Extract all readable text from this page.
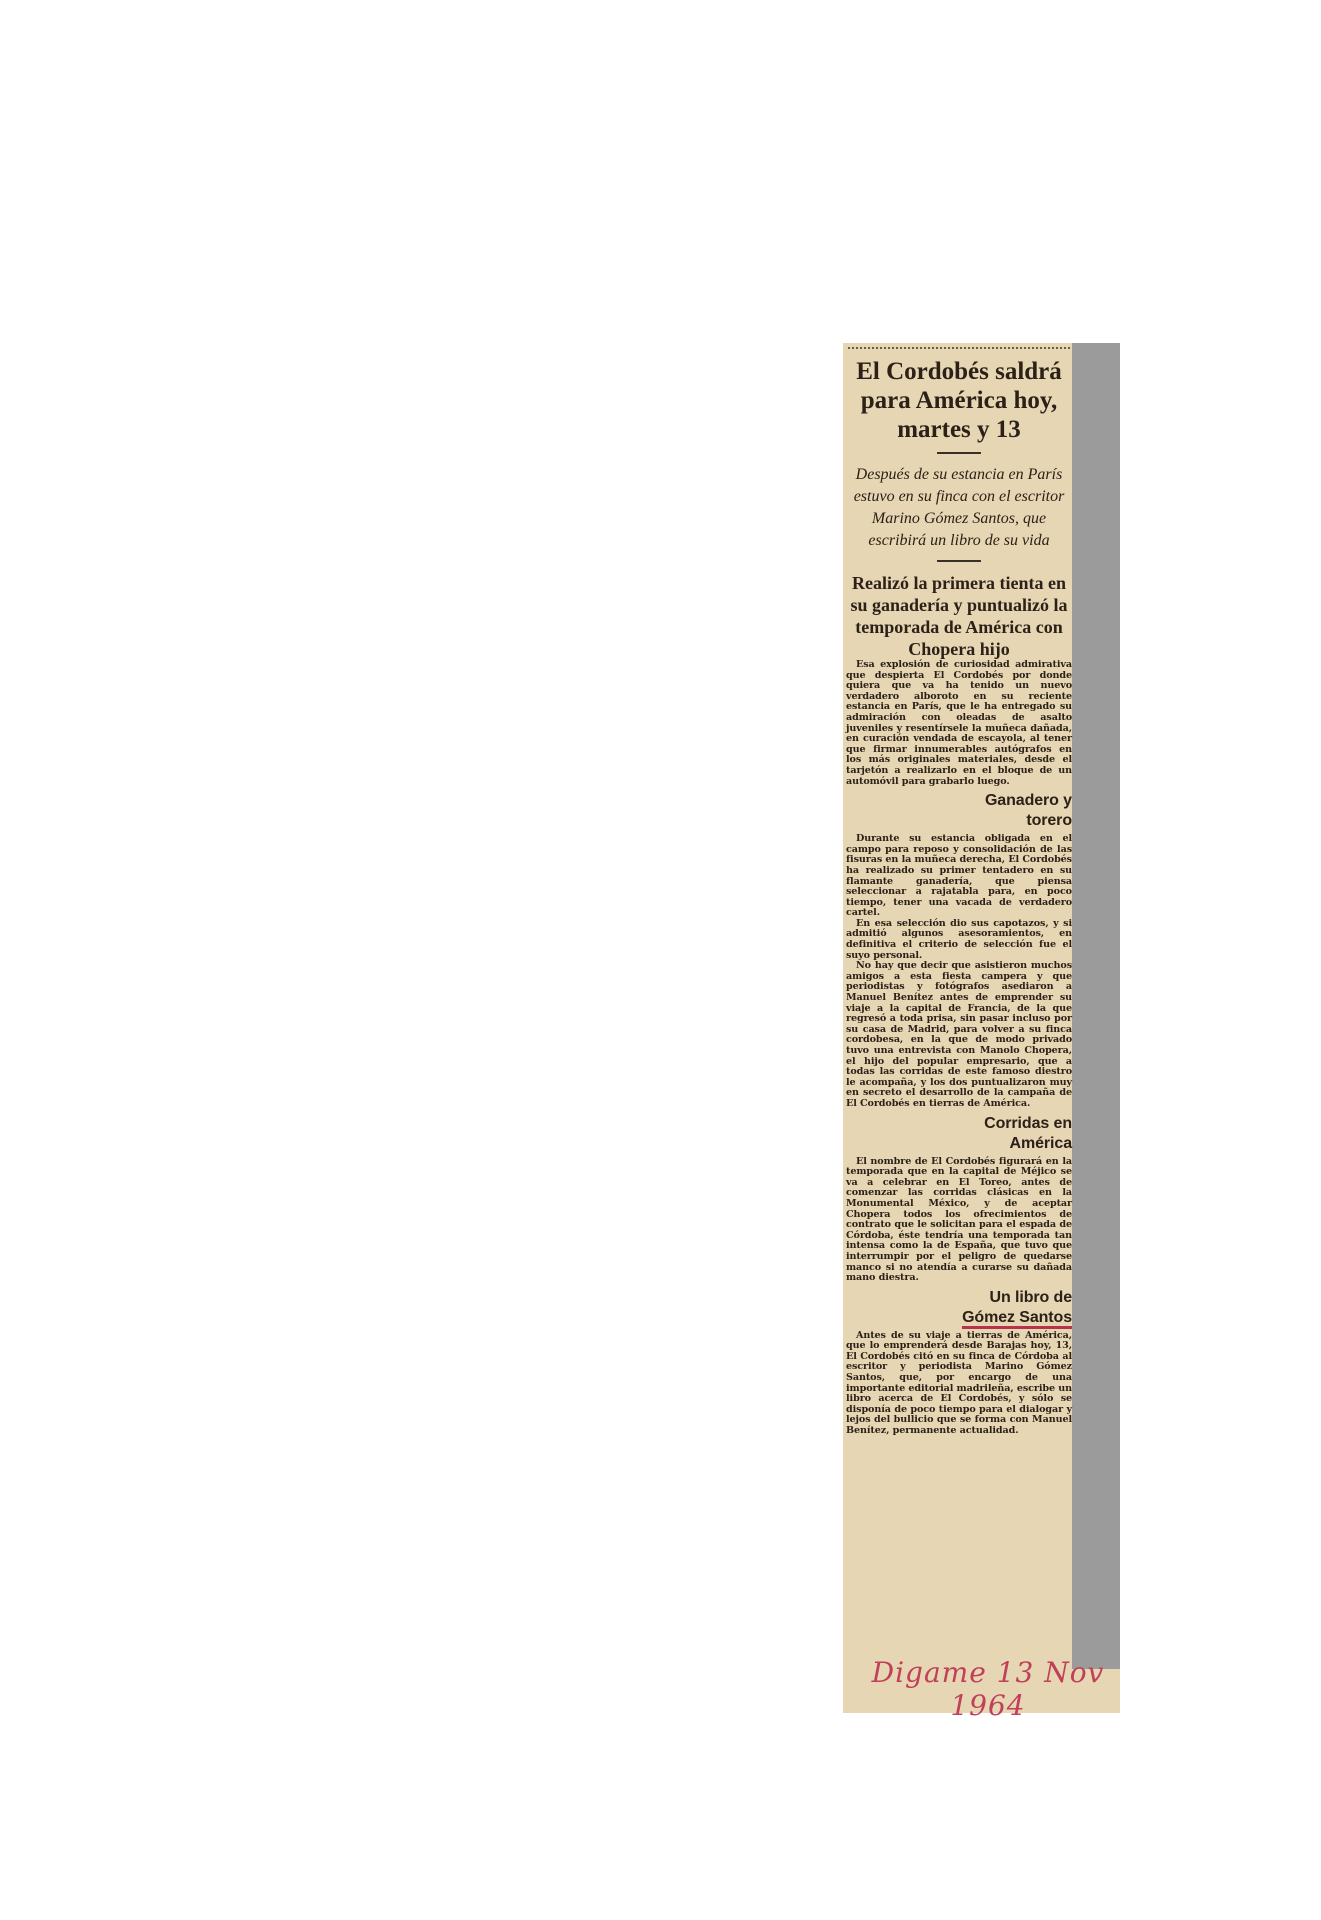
El Cordobés saldrá para América hoy, martes y 13

Después de su estancia en París estuvo en su finca con el escritor Marino Gómez Santos, que escribirá un libro de su vida

Realizó la primera tienta en su ganadería y puntualizó la temporada de América con Chopera hijo

Esa explosión de curiosidad admirativa que despierta El Cordobés por donde quiera que va ha tenido un nuevo verdadero alboroto en su reciente estancia en París, que le ha entregado su admiración con oleadas de asalto juveniles y resentírsele la muñeca dañada, en curación vendada de escayola, al tener que firmar innumerables autógrafos en los más originales materiales, desde el tarjetón a realizarlo en el bloque de un automóvil para grabarlo luego.

Ganadero y
torero

Durante su estancia obligada en el campo para reposo y consolidación de las fisuras en la muñeca derecha, El Cordobés ha realizado su primer tentadero en su flamante ganadería, que piensa seleccionar a rajatabla para, en poco tiempo, tener una vacada de verdadero cartel.

En esa selección dio sus capotazos, y si admitió algunos asesoramientos, en definitiva el criterio de selección fue el suyo personal.

No hay que decir que asistieron muchos amigos a esta fiesta campera y que periodistas y fotógrafos asediaron a Manuel Benítez antes de emprender su viaje a la capital de Francia, de la que regresó a toda prisa, sin pasar incluso por su casa de Madrid, para volver a su finca cordobesa, en la que de modo privado tuvo una entrevista con Manolo Chopera, el hijo del popular empresario, que a todas las corridas de este famoso diestro le acompaña, y los dos puntualizaron muy en secreto el desarrollo de la campaña de El Cordobés en tierras de América.

Corridas en
América

El nombre de El Cordobés figurará en la temporada que en la capital de Méjico se va a celebrar en El Toreo, antes de comenzar las corridas clásicas en la Monumental México, y de aceptar Chopera todos los ofrecimientos de contrato que le solicitan para el espada de Córdoba, éste tendría una temporada tan intensa como la de España, que tuvo que interrumpir por el peligro de quedarse manco si no atendía a curarse su dañada mano diestra.

Un libro de
Gómez Santos

Antes de su viaje a tierras de América, que lo emprenderá desde Barajas hoy, 13, El Cordobés citó en su finca de Córdoba al escritor y periodista Marino Gómez Santos, que, por encargo de una importante editorial madrileña, escribe un libro acerca de El Cordobés, y sólo se disponía de poco tiempo para el dialogar y lejos del bullicio que se forma con Manuel Benítez, permanente actualidad.

Digame 13 Nov 1964
